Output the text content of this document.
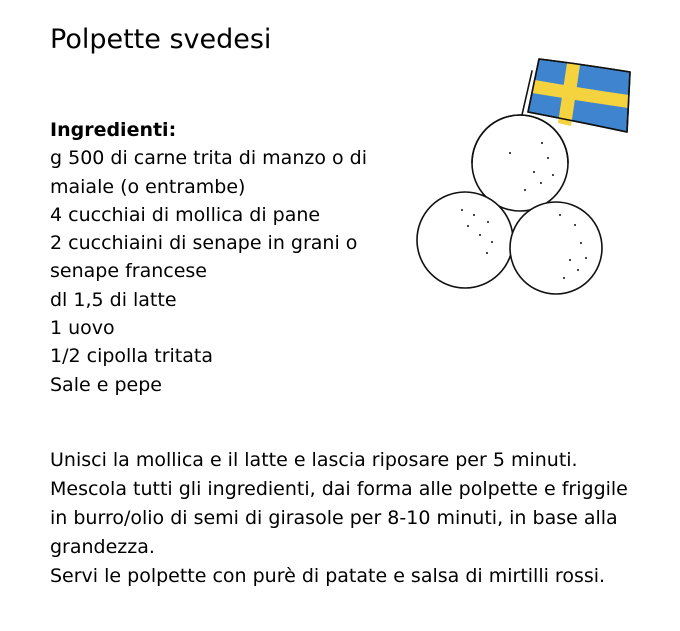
Polpette svedesi
Ingredienti:
g 500 di carne trita di manzo o di maiale (o entrambe)
4 cucchiai di mollica di pane
2 cucchiaini di senape in grani o senape francese
dl 1,5 di latte
1 uovo
1/2 cipolla tritata
Sale e pepe

Unisci la mollica e il latte e lascia riposare per 5 minuti. Mescola tutti gli ingredienti, dai forma alle polpette e friggile in burro/olio di semi di girasole per 8-10 minuti, in base alla grandezza.

Servi le polpette con purè di patate e salsa di mirtilli rossi.
